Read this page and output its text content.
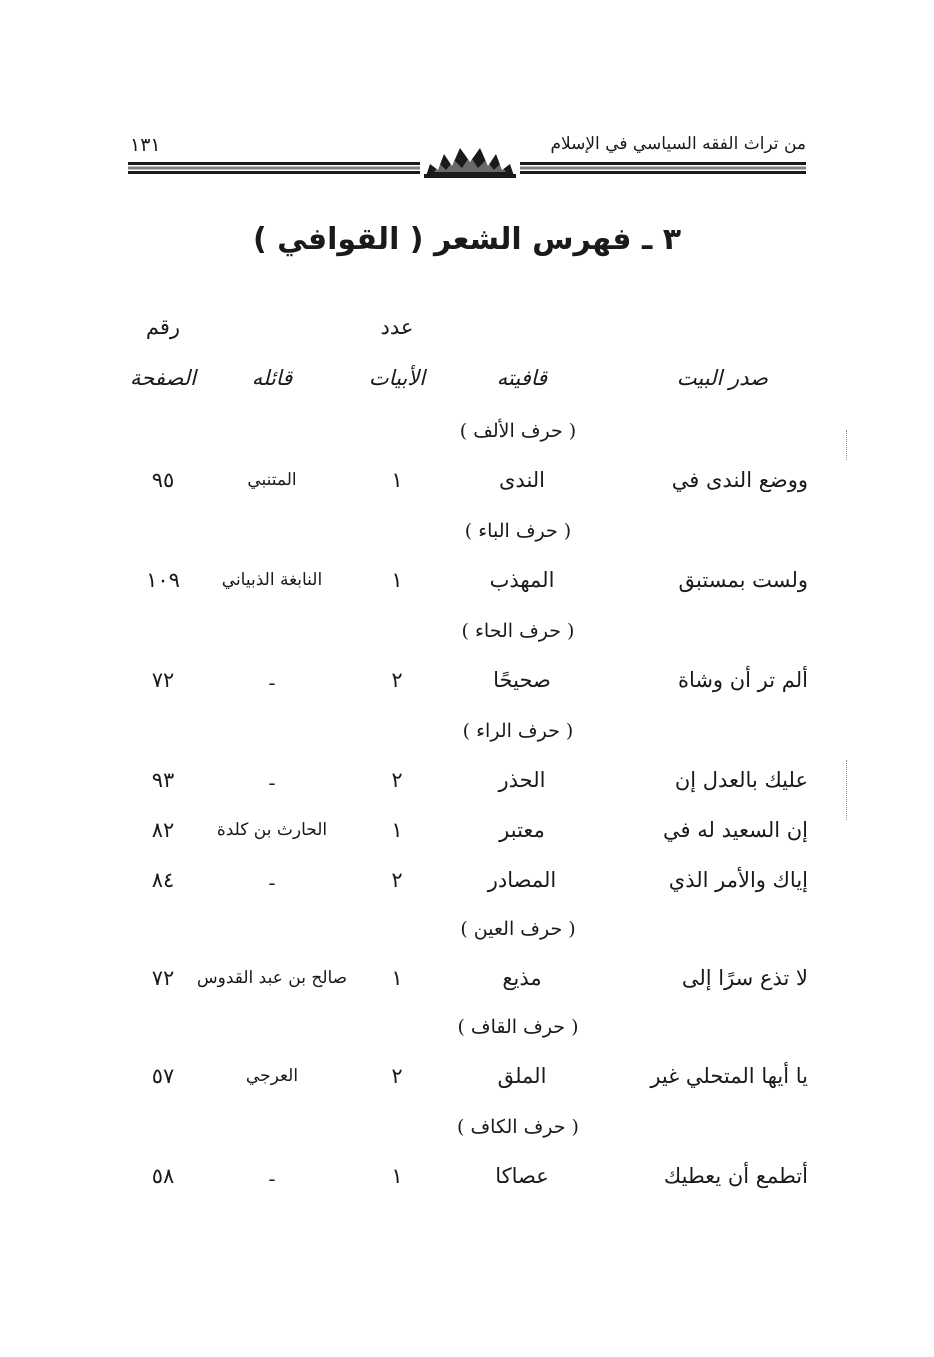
من تراث الفقه السياسي في الإسلام
١٣١
٣ ـ فهرس الشعر ( القوافي )
عدد
رقم
صدر البيت
قافيته
الأبيات
قائله
الصفحة
( حرف الألف )
ووضع الندى في
الندى
١
المتنبي
٩٥
( حرف الباء )
ولست بمستبق
المهذب
١
النابغة الذبياني
١٠٩
( حرف الحاء )
ألم تر أن وشاة
صحيحًا
٢
ـ
٧٢
( حرف الراء )
عليك بالعدل إن
الحذر
٢
ـ
٩٣
إن السعيد له في
معتبر
١
الحارث بن كلدة
٨٢
إياك والأمر الذي
المصادر
٢
ـ
٨٤
( حرف العين )
لا تذع سرًا إلى
مذيع
١
صالح بن عبد القدوس
٧٢
( حرف القاف )
يا أيها المتحلي غير
الملق
٢
العرجي
٥٧
( حرف الكاف )
أتطمع أن يعطيك
عصاكا
١
ـ
٥٨
